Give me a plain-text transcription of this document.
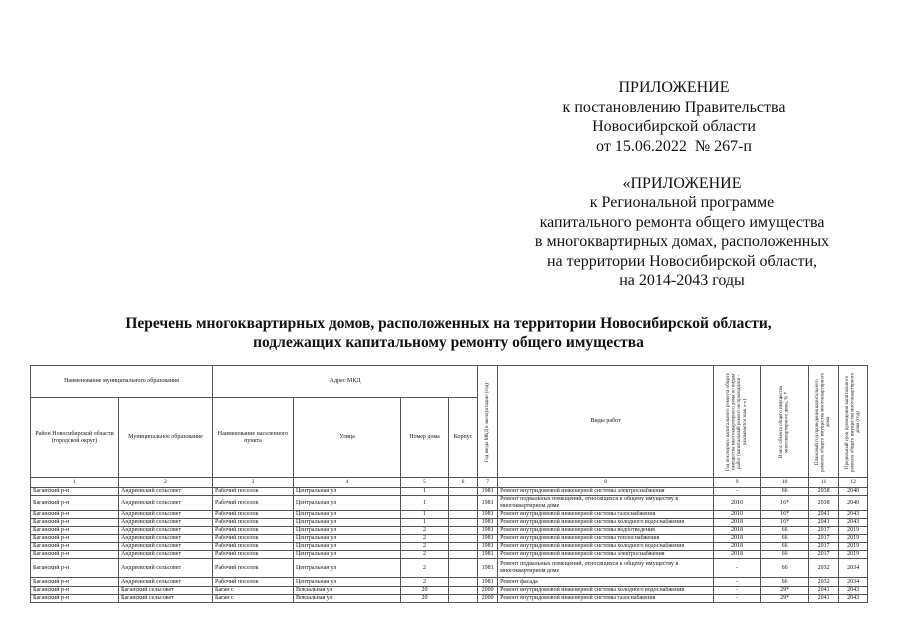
ПРИЛОЖЕНИЕ
к постановлению Правительства
Новосибирской области
от 15.06.2022  № 267-п
«ПРИЛОЖЕНИЕ
к Региональной программе
капитального ремонта общего имущества
в многоквартирных домах, расположенных
на территории Новосибирской области,
на 2014-2043 годы
Перечень многоквартирных домов, расположенных на территории Новосибирской области,
подлежащих капитальному ремонту общего имущества
Наименование муниципального образования		Адрес МКД				Год ввода МКД в эксплуатацию (год)	Виды работ	Год последнего капитального ремонта общего имущества многоквартирного дома по видам работ (капитальный ремонт не проводился - указывается знак «-»)	Износ объекта общего имущества многоквартирного дома, % *	Плановый год проведения капитального ремонта общего имущества многоквартирного дома	Предельный срок проведения капитального ремонта общего имущества многоквартирного дома (год)

Район Новосибирской области (городской округ)	Муниципальное образование	Наименование населенного пункта	Улица	Номер дома	Корпус						
1	2	3	4	5	6	7	8	9	10	11	12
Баганский р-н	Андреевский сельсовет	Рабочий поселок	Центральная ул	1		1981	Ремонт внутридомовой инженерной системы электроснабжения	-	66	2038	2040
Баганский р-н	Андреевский сельсовет	Рабочий поселок	Центральная ул	1		1981	Ремонт подвальных помещений, относящихся к общему имуществу в многоквартирном доме	2010	16*	2038	2040
Баганский р-н	Андреевский сельсовет	Рабочий поселок	Центральная ул	1		1981	Ремонт внутридомовой инженерной системы газоснабжения	2010	16*	2041	2043
Баганский р-н	Андреевский сельсовет	Рабочий поселок	Центральная ул	1		1981	Ремонт внутридомовой инженерной системы холодного водоснабжения	2018	16*	2041	2043
Баганский р-н	Андреевский сельсовет	Рабочий поселок	Центральная ул	2		1981	Ремонт внутридомовой инженерной системы водоотведения	2018	66	2017	2019
Баганский р-н	Андреевский сельсовет	Рабочий поселок	Центральная ул	2		1981	Ремонт внутридомовой инженерной системы теплоснабжения	2018	66	2017	2019
Баганский р-н	Андреевский сельсовет	Рабочий поселок	Центральная ул	2		1981	Ремонт внутридомовой инженерной системы холодного водоснабжения	2018	66	2017	2019
Баганский р-н	Андреевский сельсовет	Рабочий поселок	Центральная ул	2		1981	Ремонт внутридомовой инженерной системы электроснабжения	2018	66	2017	2019
Баганский р-н	Андреевский сельсовет	Рабочий поселок	Центральная ул	2		1981	Ремонт подвальных помещений, относящихся к общему имуществу в многоквартирном доме	-	66	2032	2034
Баганский р-н	Андреевский сельсовет	Рабочий поселок	Центральная ул	2		1981	Ремонт фасада	-	66	2032	2034
Баганский р-н	Баганский сельсовет	Баган с	Вокзальная ул	20		2000	Ремонт внутридомовой инженерной системы холодного водоснабжения	-	29*	2041	2043
Баганский р-н	Баганский сельсовет	Баган с	Вокзальная ул	20		2000	Ремонт внутридомовой инженерной системы газоснабжения	-	29*	2041	2043
